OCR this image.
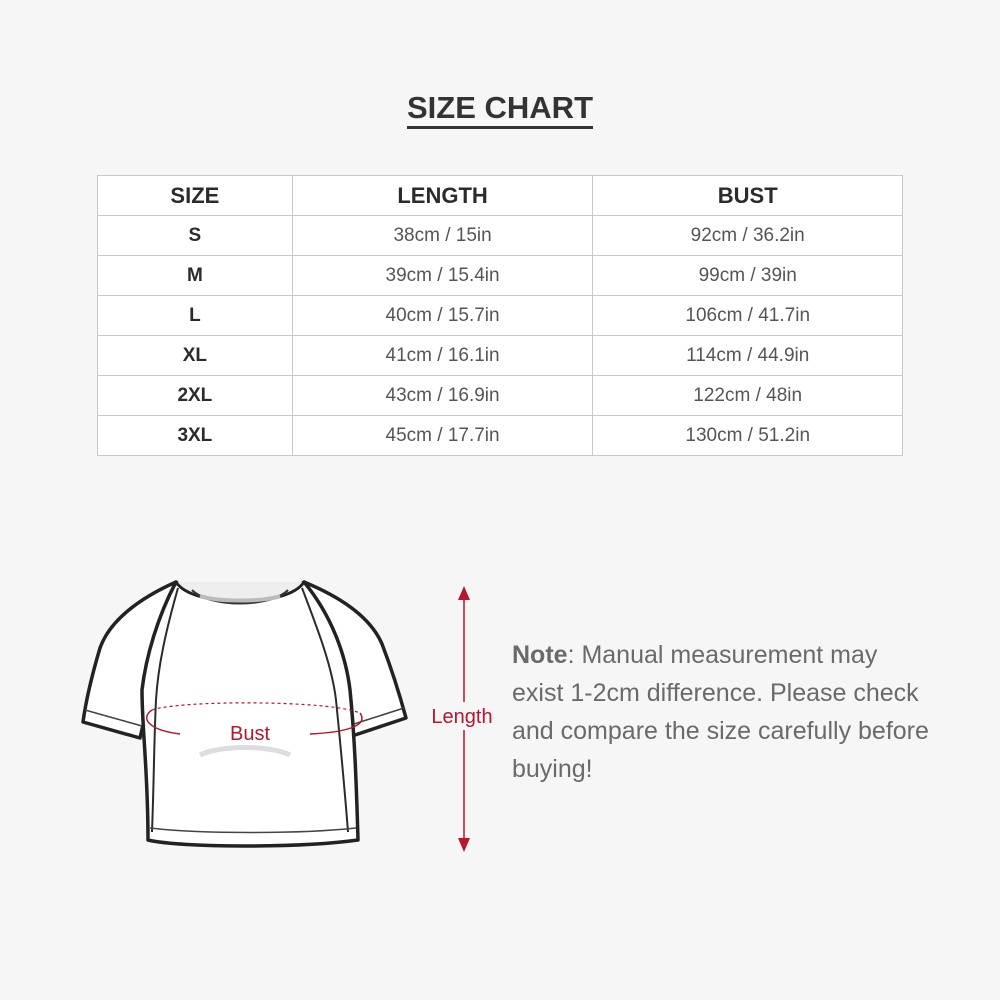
SIZE CHART
SIZE	LENGTH	BUST
S	38cm / 15in	92cm / 36.2in
M	39cm / 15.4in	99cm / 39in
L	40cm / 15.7in	106cm / 41.7in
XL	41cm / 16.1in	114cm / 44.9in
2XL	43cm / 16.9in	122cm / 48in
3XL	45cm / 17.7in	130cm / 51.2in
Bust
Length

Note: Manual measurement may exist 1-2cm difference. Please check and compare the size carefully before buying!
